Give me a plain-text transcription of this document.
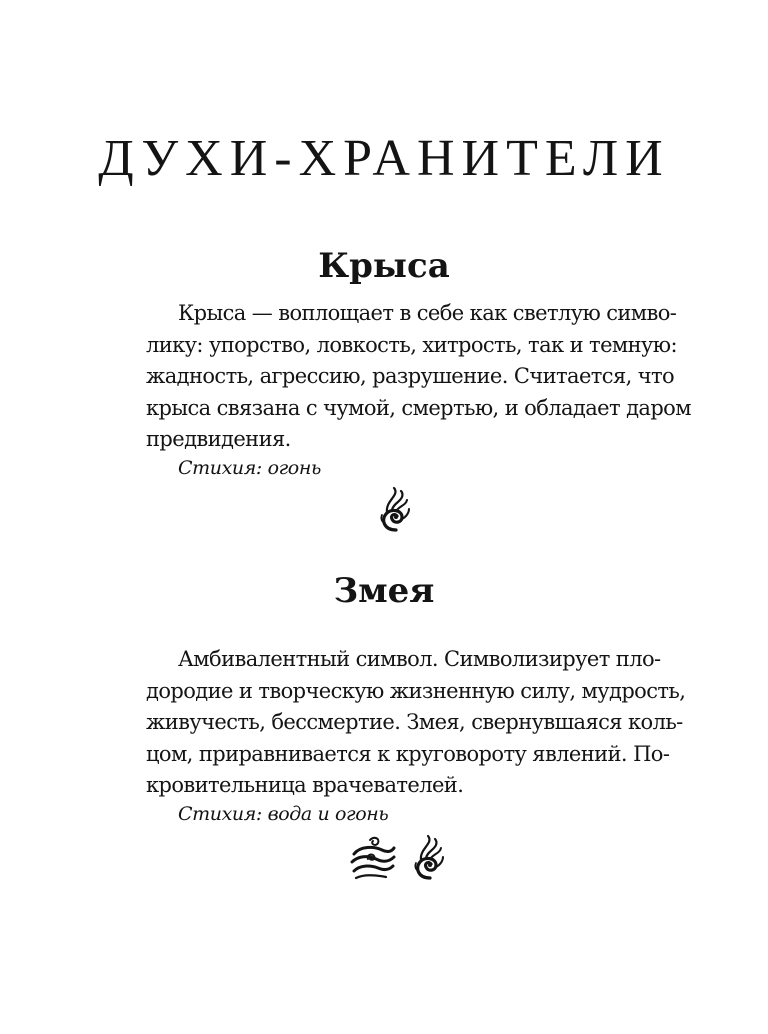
ДУХИ-ХРАНИТЕЛИ
Крыса

Крыса — воплощает в себе как светлую симво-
лику: упорство, ловкость, хитрость, так и темную:
жадность, агрессию, разрушение. Считается, что
крыса связана с чумой, смертью, и обладает даром
предвидения.

Стихия: огонь

Змея

Амбивалентный символ. Символизирует пло-
дородие и творческую жизненную силу, мудрость,
живучесть, бессмертие. Змея, свернувшаяся коль-
цом, приравнивается к круговороту явлений. По-
кровительница врачевателей.

Стихия: вода и огонь
